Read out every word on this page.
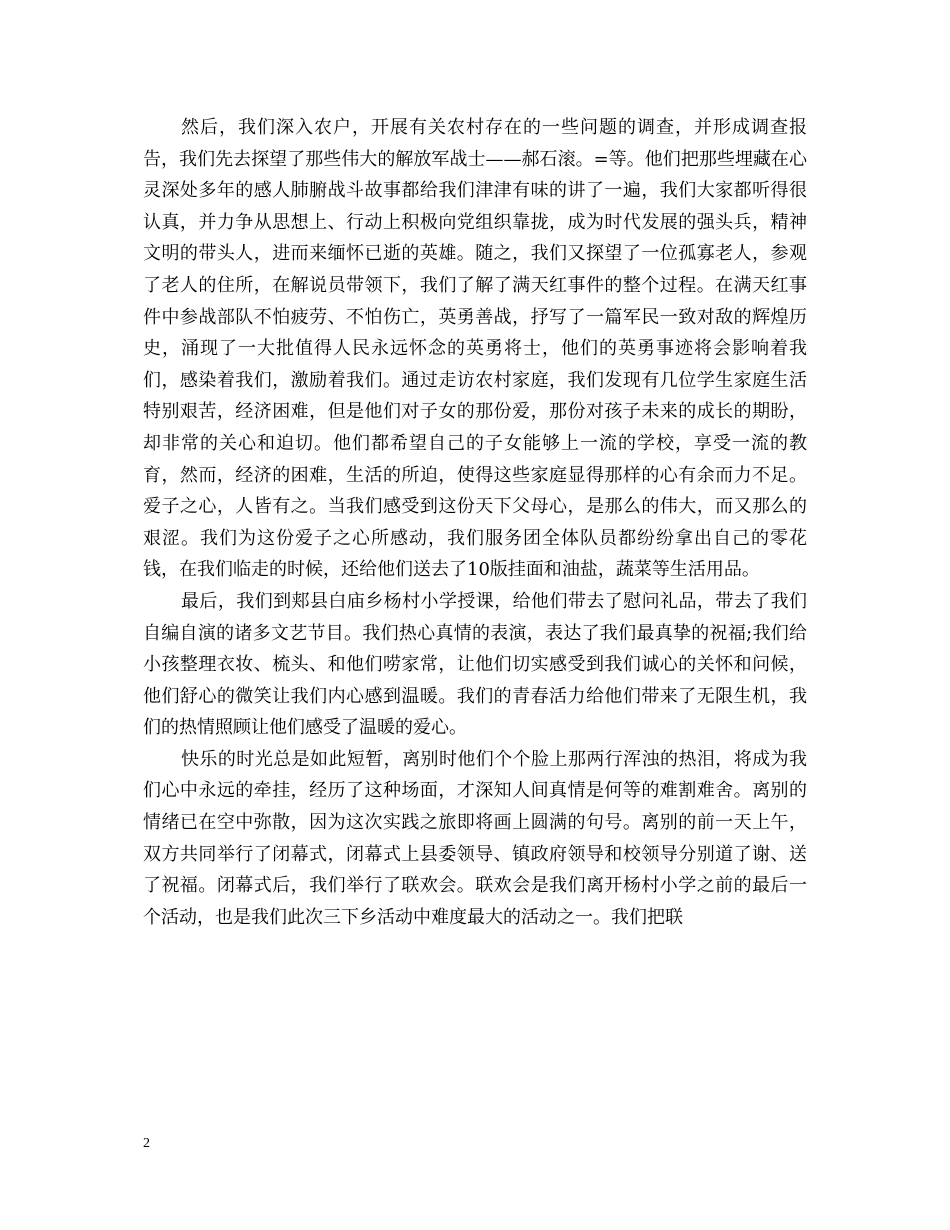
然后，我们深入农户，开展有关农村存在的一些问题的调查，并形成调查报告，我们先去探望了那些伟大的解放军战士——郝石滚。=等。他们把那些埋藏在心灵深处多年的感人肺腑战斗故事都给我们津津有味的讲了一遍，我们大家都听得很认真，并力争从思想上、行动上积极向党组织靠拢，成为时代发展的强头兵，精神文明的带头人，进而来缅怀已逝的英雄。随之，我们又探望了一位孤寡老人，参观了老人的住所，在解说员带领下，我们了解了满天红事件的整个过程。在满天红事件中参战部队不怕疲劳、不怕伤亡，英勇善战，抒写了一篇军民一致对敌的辉煌历史，涌现了一大批值得人民永远怀念的英勇将士，他们的英勇事迹将会影响着我们，感染着我们，激励着我们。通过走访农村家庭，我们发现有几位学生家庭生活特别艰苦，经济困难，但是他们对子女的那份爱，那份对孩子未来的成长的期盼，却非常的关心和迫切。他们都希望自己的子女能够上一流的学校，享受一流的教育，然而，经济的困难，生活的所迫，使得这些家庭显得那样的心有余而力不足。爱子之心，人皆有之。当我们感受到这份天下父母心，是那么的伟大，而又那么的艰涩。我们为这份爱子之心所感动，我们服务团全体队员都纷纷拿出自己的零花钱，在我们临走的时候，还给他们送去了10版挂面和油盐，蔬菜等生活用品。

最后，我们到郏县白庙乡杨村小学授课，给他们带去了慰问礼品，带去了我们自编自演的诸多文艺节目。我们热心真情的表演，表达了我们最真挚的祝福;我们给小孩整理衣妆、梳头、和他们唠家常，让他们切实感受到我们诚心的关怀和问候，他们舒心的微笑让我们内心感到温暖。我们的青春活力给他们带来了无限生机，我们的热情照顾让他们感受了温暖的爱心。

快乐的时光总是如此短暂，离别时他们个个脸上那两行浑浊的热泪，将成为我们心中永远的牵挂，经历了这种场面，才深知人间真情是何等的难割难舍。离别的情绪已在空中弥散，因为这次实践之旅即将画上圆满的句号。离别的前一天上午，双方共同举行了闭幕式，闭幕式上县委领导、镇政府领导和校领导分别道了谢、送了祝福。闭幕式后，我们举行了联欢会。联欢会是我们离开杨村小学之前的最后一个活动，也是我们此次三下乡活动中难度最大的活动之一。我们把联

2
